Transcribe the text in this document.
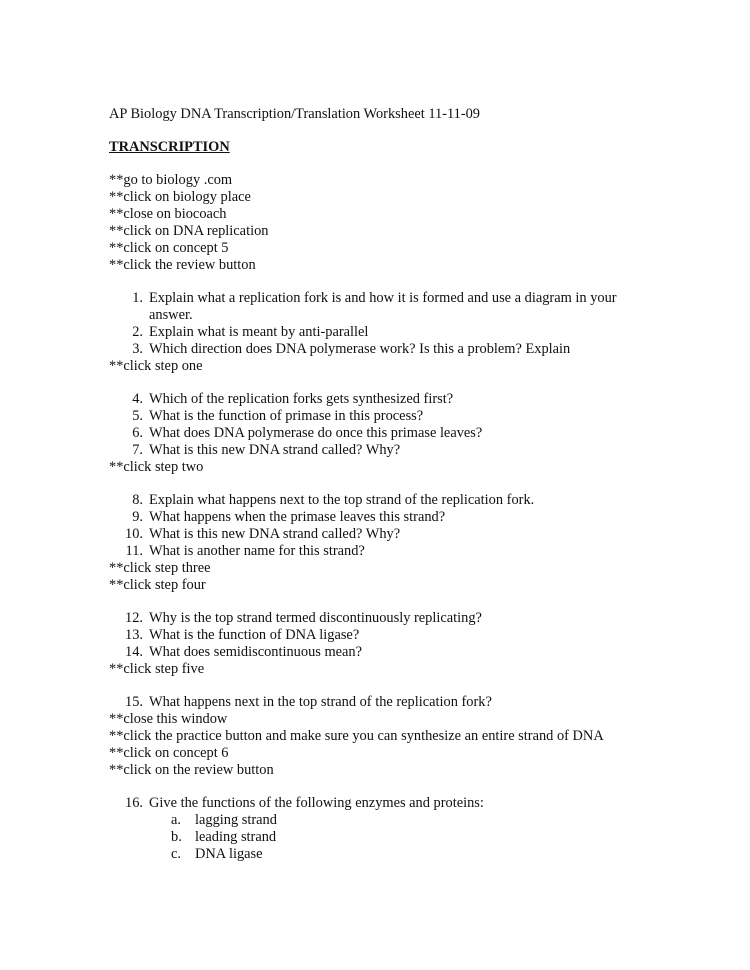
AP Biology DNA Transcription/Translation Worksheet 11-11-09
TRANSCRIPTION
**go to biology .com
**click on biology place
**close on biocoach
**click on DNA replication
**click on concept 5
**click the review button
1. Explain what a replication fork is and how it is formed and use a diagram in your answer.
2. Explain what is meant by anti-parallel
3. Which direction does DNA polymerase work? Is this a problem? Explain
**click step one
4. Which of the replication forks gets synthesized first?
5. What is the function of primase in this process?
6. What does DNA polymerase do once this primase leaves?
7. What is this new DNA strand called? Why?
**click step two
8. Explain what happens next to the top strand of the replication fork.
9. What happens when the primase leaves this strand?
10. What is this new DNA strand called? Why?
11. What is another name for this strand?
**click step three
**click step four
12. Why is the top strand termed discontinuously replicating?
13. What is the function of DNA ligase?
14. What does semidiscontinuous mean?
**click step five
15. What happens next in the top strand of the replication fork?
**close this window
**click the practice button and make sure you can synthesize an entire strand of DNA
**click on concept 6
**click on the review button
16. Give the functions of the following enzymes and proteins:
a. lagging strand
b. leading strand
c. DNA ligase
